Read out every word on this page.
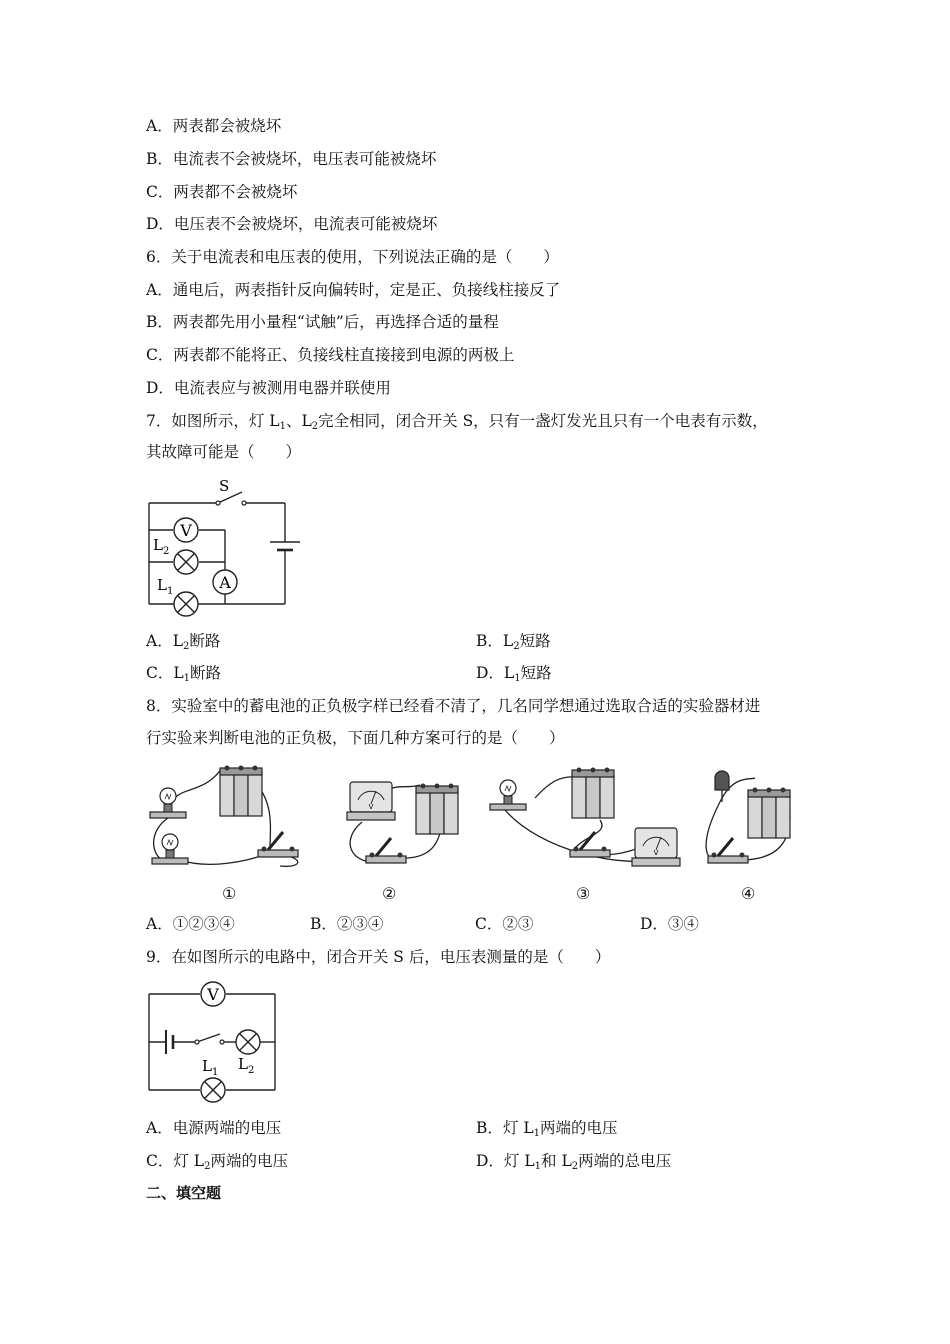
A．两表都会被烧坏
B．电流表不会被烧坏，电压表可能被烧坏
C．两表都不会被烧坏
D．电压表不会被烧坏，电流表可能被烧坏
6．关于电流表和电压表的使用，下列说法正确的是（　　）
A．通电后，两表指针反向偏转时，定是正、负接线柱接反了
B．两表都先用小量程“试触”后，再选择合适的量程
C．两表都不能将正、负接线柱直接接到电源的两极上
D．电流表应与被测用电器并联使用
7．如图所示，灯 $L_1$、$L_2$完全相同，闭合开关 S，只有一盏灯发光且只有一个电表有示数，
其故障可能是（　　）
V
A
S
$L_2$
$L_1$
A．$L_2$断路	B．$L_2$短路
C．$L_1$断路	D．$L_1$短路
8．实验室中的蓄电池的正负极字样已经看不清了，几名同学想通过选取合适的实验器材进
行实验来判断电池的正负极，下面几种方案可行的是（　　）
V
①	②	③	④
A．①②③④	B．②③④	C．②③	D．③④
9．在如图所示的电路中，闭合开关 S 后，电压表测量的是（　　）
V
$L_1$ $L_2$
A．电源两端的电压	B．灯 $L_1$两端的电压
C．灯 $L_2$两端的电压	D．灯 $L_1$和 $L_2$两端的总电压
二、填空题
